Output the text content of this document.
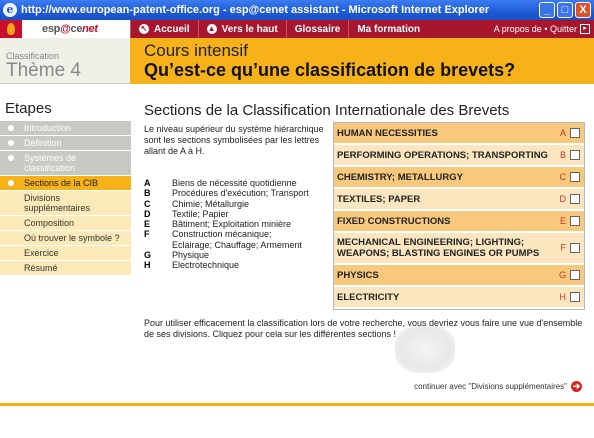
e http://www.european-patent-office.org - esp@cenet assistant - Microsoft Internet Explorer	_	□	X
esp@cenet	↖ Accueil ▲ Vers le haut Glossaire Ma formation	A propos de
•
Quitter ▸
Classification
Thème 4
Cours intensif
Qu’est-ce qu’une classification de brevets?
Etapes
Introduction
Définition
Systèmes de classification
Sections de la CIB
Divisions supplémentaires
Composition
Où trouver le symbole ?
Exercice
Résumé
Sections de la Classification Internationale des Brevets
Le niveau supérieur du système hiérarchique sont les sections symbolisées par les lettres allant de A à H.
A	Biens de nécessité quotidienne
B	Procédures d'exécution; Transport
C	Chimie; Métallurgie
D	Textile; Papier
E	Bâtiment; Exploitation minière
F	Construction mécanique;
Eclairage; Chauffage; Armement
G	Physique
H	Electrotechnique
HUMAN NECESSITIES	A
PERFORMING OPERATIONS; TRANSPORTING B
CHEMISTRY; METALLURGY	C
TEXTILES; PAPER	D
FIXED CONSTRUCTIONS	E
MECHANICAL ENGINEERING; LIGHTING; WEAPONS; BLASTING ENGINES OR PUMPS
F
PHYSICS	G
ELECTRICITY	H
Pour utiliser efficacement la classification lors de votre recherche, vous devriez vous faire une vue d'ensemble de ses divisions. Cliquez pour cela sur les différentes sections !
continuer avec "Divisions supplémentaires" ➔
